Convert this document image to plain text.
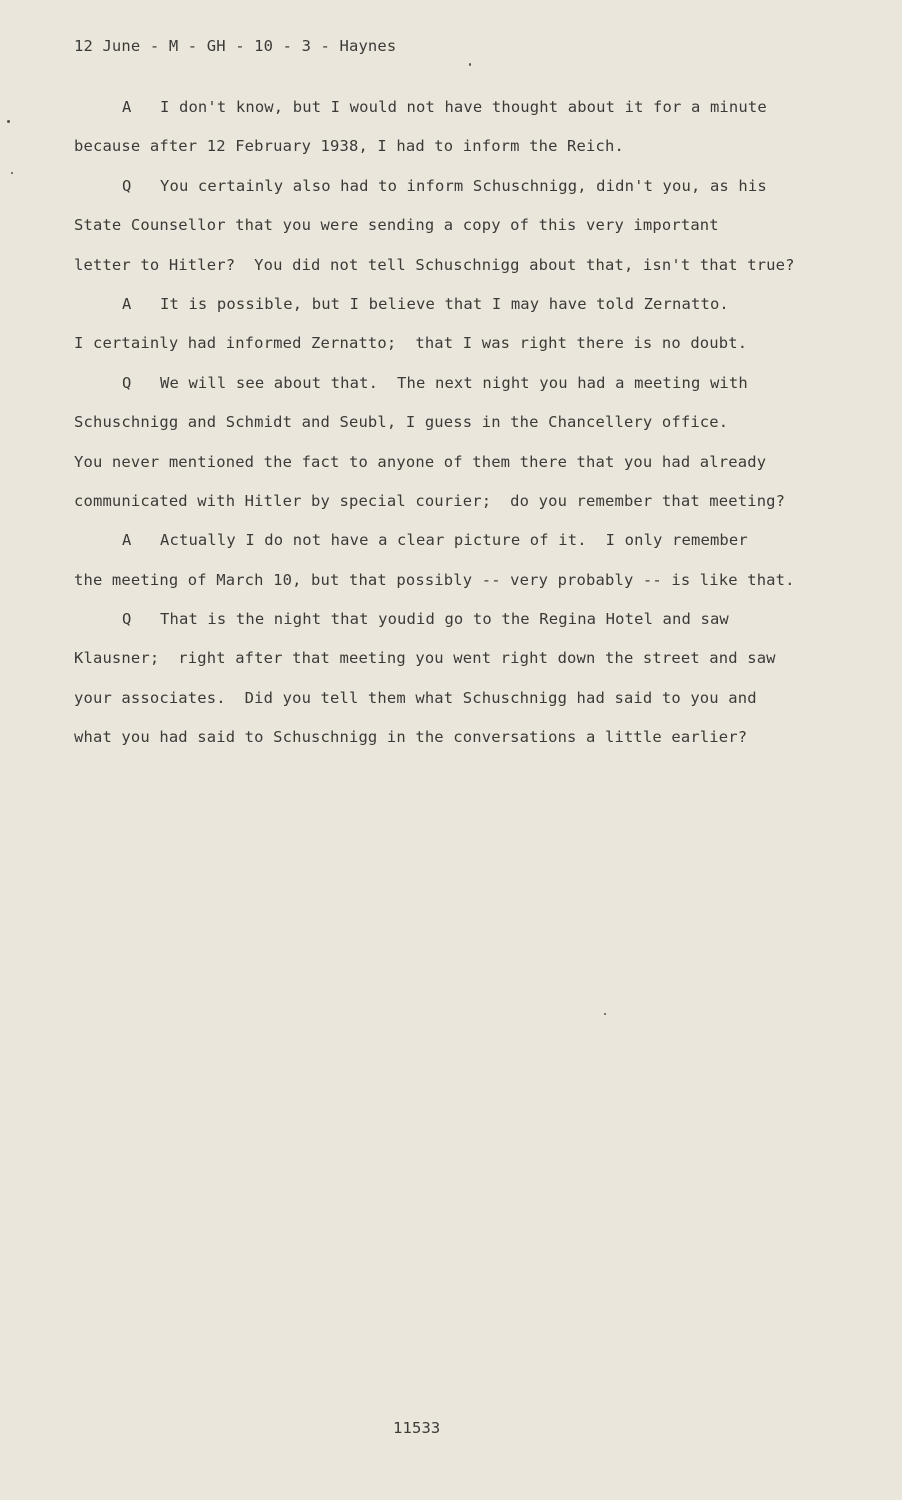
12 June - M - GH - 10 - 3 - Haynes
A I don't know, but I would not have thought about it for a minute
because after 12 February 1938, I had to inform the Reich.
Q You certainly also had to inform Schuschnigg, didn't you, as his
State Counsellor that you were sending a copy of this very important
letter to Hitler?  You did not tell Schuschnigg about that, isn't that true?
A It is possible, but I believe that I may have told Zernatto.
I certainly had informed Zernatto;  that I was right there is no doubt.
Q We will see about that.  The next night you had a meeting with
Schuschnigg and Schmidt and Seubl, I guess in the Chancellery office.
You never mentioned the fact to anyone of them there that you had already
communicated with Hitler by special courier;  do you remember that meeting?
A Actually I do not have a clear picture of it.  I only remember
the meeting of March 10, but that possibly -- very probably -- is like that.
Q That is the night that youdid go to the Regina Hotel and saw
Klausner;  right after that meeting you went right down the street and saw
your associates.  Did you tell them what Schuschnigg had said to you and
what you had said to Schuschnigg in the conversations a little earlier?
11533
